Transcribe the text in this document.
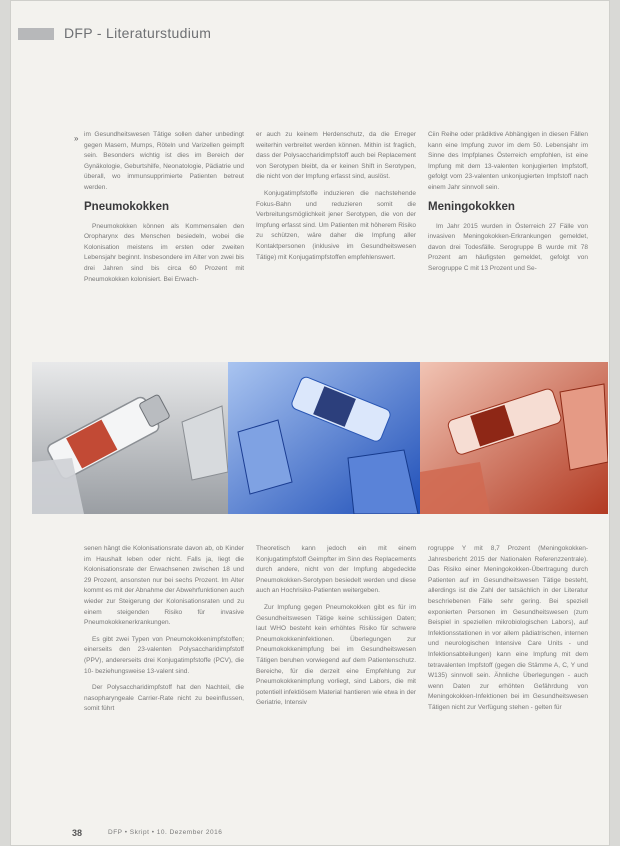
DFP - Literaturstudium
» im Gesundheitswesen Tätige sollen daher unbedingt gegen Masern, Mumps, Röteln und Varizellen geimpft sein. Besonders wichtig ist dies im Bereich der Gynäkologie, Geburtshilfe, Neonatologie, Pädiatrie und überall, wo immunsupprimierte Patienten betreut werden.

Pneumokokken

Pneumokokken können als Kommensalen den Oropharynx des Menschen besiedeln, wobei die Kolonisation meistens im ersten oder zweiten Lebensjahr beginnt. Insbesondere im Alter von zwei bis drei Jahren sind bis circa 60 Prozent mit Pneumokokken kolonisiert. Bei Erwach-

er auch zu keinem Herdenschutz, da die Erreger weiterhin verbreitet werden können. Mithin ist fraglich, dass der Polysaccharidimpfstoff auch bei Replacement von Serotypen bleibt, da er keinen Shift in Serotypen, die nicht von der Impfung erfasst sind, auslöst.

Konjugatimpfstoffe induzieren die nachstehende Fokus-Bahn und reduzieren somit die Verbreitungsmöglichkeit jener Serotypen, die von der Impfung erfasst sind. Um Patienten mit höherem Risiko zu schützen, wäre daher die Impfung aller Kontaktpersonen (inklusive im Gesundheitswesen Tätige) mit Konjugatimpfstoffen empfehlenswert.

Ciin Reihe oder prädiktive Abhängigen in diesen Fällen kann eine Impfung zuvor im dem 50. Lebensjahr im Sinne des Impfplanes Österreich empfohlen, ist eine Impfung mit dem 13-valenten konjugierten Impfstoff, gefolgt vom 23-valenten unkonjugierten Impfstoff nach einem Jahr sinnvoll sein.

Meningokokken

Im Jahr 2015 wurden in Österreich 27 Fälle von invasiven Meningokokken-Erkrankungen gemeldet, davon drei Todesfälle. Serogruppe B wurde mit 78 Prozent am häufigsten gemeldet, gefolgt von Serogruppe C mit 13 Prozent und Se-

senen hängt die Kolonisationsrate davon ab, ob Kinder im Haushalt leben oder nicht. Falls ja, liegt die Kolonisationsrate der Erwachsenen zwischen 18 und 29 Prozent, ansonsten nur bei sechs Prozent. Im Alter kommt es mit der Abnahme der Abwehrfunktionen auch wieder zur Steigerung der Kolonisationsraten und zu einem steigenden Risiko für invasive Pneumokokkenerkrankungen.

Es gibt zwei Typen von Pneumokokkenimpfstoffen; einerseits den 23-valenten Polysaccharidimpfstoff (PPV), andererseits drei Konjugatimpfstoffe (PCV), die 10- beziehungsweise 13-valent sind.

Der Polysaccharidimpfstoff hat den Nachteil, die nasopharyngeale Carrier-Rate nicht zu beeinflussen, somit führt

Theoretisch kann jedoch ein mit einem Konjugatimpfstoff Geimpfter im Sinn des Replacements durch andere, nicht von der Impfung abgedeckte Pneumokokken-Serotypen besiedelt werden und diese auch an Hochrisiko-Patienten weitergeben.

Zur Impfung gegen Pneumokokken gibt es für im Gesundheitswesen Tätige keine schlüssigen Daten; laut WHO besteht kein erhöhtes Risiko für schwere Pneumokokkeninfektionen. Überlegungen zur Pneumokokkenimpfung bei im Gesundheitswesen Tätigen beruhen vorwiegend auf dem Patientenschutz. Bereiche, für die derzeit eine Empfehlung zur Pneumokokkenimpfung vorliegt, sind Labors, die mit potentiell infektiösem Material hantieren wie etwa in der Geriatrie, Intensiv

rogruppe Y mit 8,7 Prozent (Meningokokken-Jahresbericht 2015 der Nationalen Referenzzentrale). Das Risiko einer Meningokokken-Übertragung durch Patienten auf im Gesundheitswesen Tätige besteht, allerdings ist die Zahl der tatsächlich in der Literatur beschriebenen Fälle sehr gering. Bei speziell exponierten Personen im Gesundheitswesen (zum Beispiel in speziellen mikrobiologischen Labors), auf Infektionsstationen in vor allem pädiatrischen, internen und neurologischen Intensive Care Units - und Infektionsabteilungen) kann eine Impfung mit dem tetravalenten Impfstoff (gegen die Stämme A, C, Y und W135) sinnvoll sein. Ähnliche Überlegungen - auch wenn Daten zur erhöhten Gefährdung von Meningokokken-Infektionen bei im Gesundheitswesen Tätigen nicht zur Verfügung stehen - gelten für

38	DFP • Skript • 10. Dezember 2016
